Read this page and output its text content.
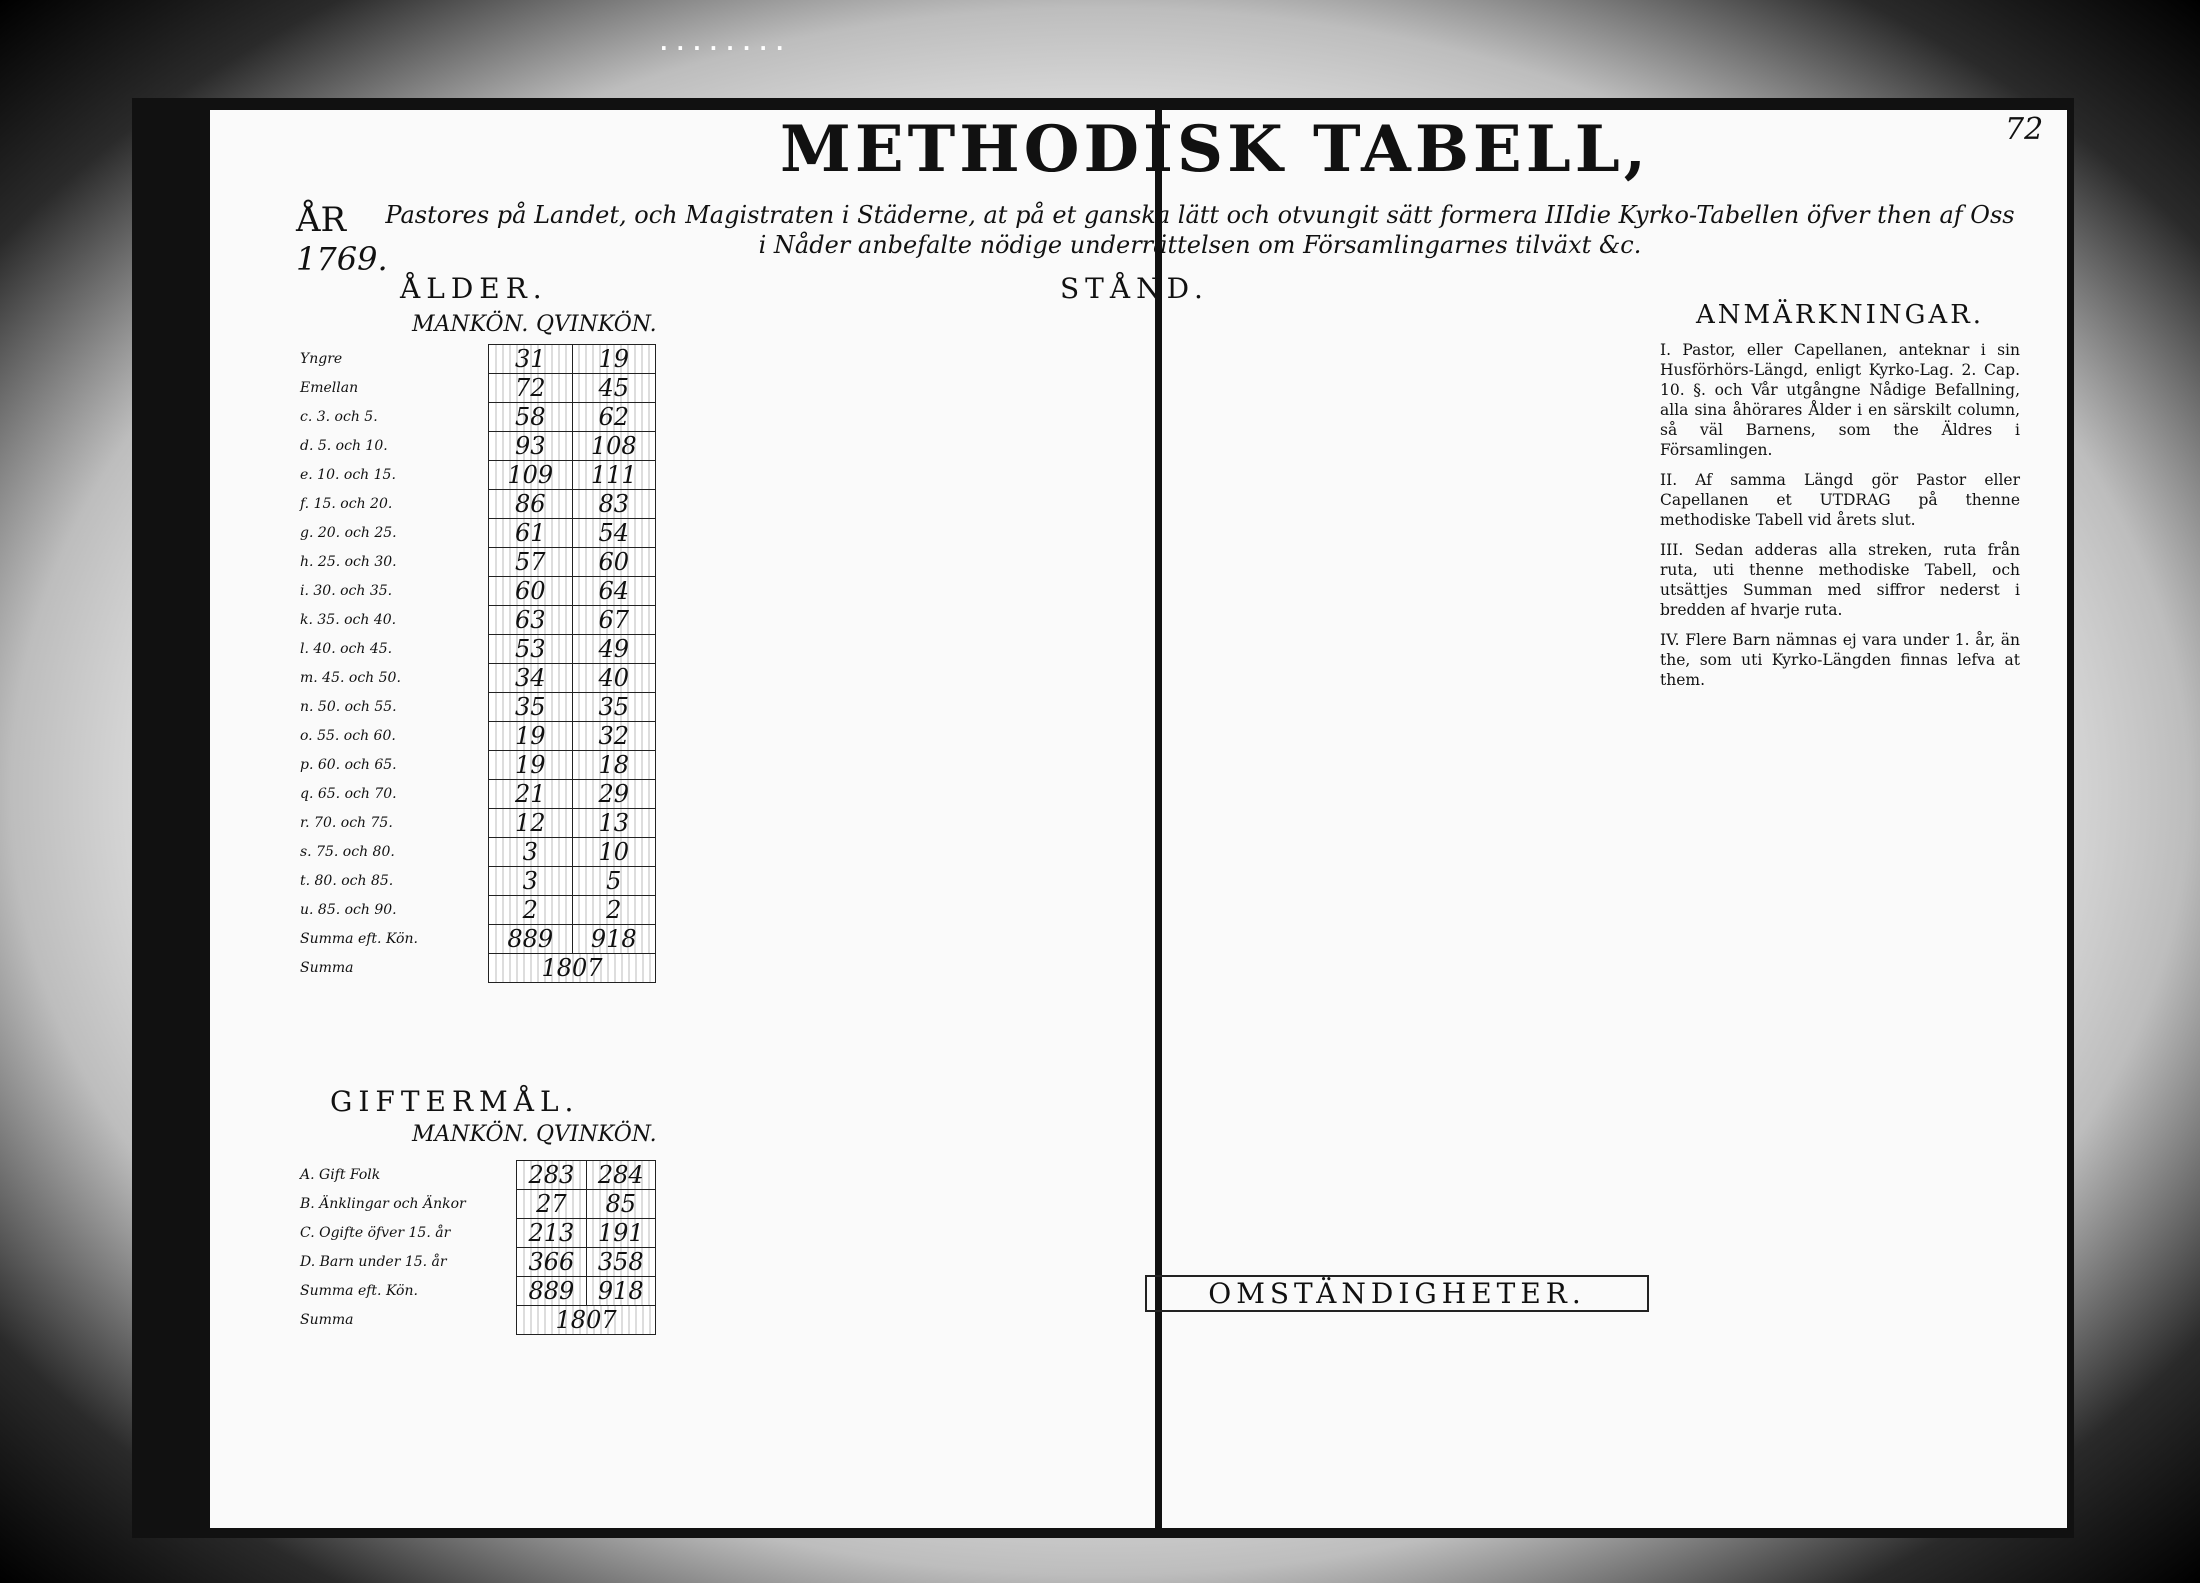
· · · · · · · ·
METHODISK TABELL,	72
ÅR
1769.
Pastores på Landet, och Magistraten i Städerne, at på et ganska lätt och otvungit sätt formera IIIdie Kyrko-Tabellen öfver then af Oss i Nåder anbefalte nödige underrättelsen om Församlingarnes tilväxt &c.
ÅLDER.	STÅND.
MANKÖN. QVINKÖN.
Yngre	31	19
Emellan	72	45
c. 3. och 5.	58	62
d. 5. och 10.	93	108
e. 10. och 15.	109	111
f. 15. och 20.	86	83
g. 20. och 25.	61	54
h. 25. och 30.	57	60
i. 30. och 35.	60	64
k. 35. och 40.	63	67
l. 40. och 45.	53	49
m. 45. och 50.	34	40
n. 50. och 55.	35	35
o. 55. och 60.	19	32
p. 60. och 65.	19	18
q. 65. och 70.	21	29
r. 70. och 75.	12	13
s. 75. och 80.	3	10
t. 80. och 85.	3	5
u. 85. och 90.	2	2
Summa eft. Kön.	889	918
Summa	1807	
GIFTERMÅL.
MANKÖN. QVINKÖN.
A. Gift Folk	283	284
B. Änklingar och Änkor	27	85
C. Ogifte öfver 15. år	213	191
D. Barn under 15. år	366	358
Summa eft. Kön.	889	918
Summa	1807	
OMSTÄNDIGHETER.
ANMÄRKNINGAR.

I. Pastor, eller Capellanen, anteknar i sin Husförhörs-Längd, enligt Kyrko-Lag. 2. Cap. 10. §. och Vår utgångne Nådige Befallning, alla sina åhörares Ålder i en särskilt column, så väl Barnens, som the Äldres i Församlingen.

II. Af samma Längd gör Pastor eller Capellanen et UTDRAG på thenne methodiske Tabell vid årets slut.

III. Sedan adderas alla streken, ruta från ruta, uti thenne methodiske Tabell, och utsättjes Summan med siffror nederst i bredden af hvarje ruta.

IV. Flere Barn nämnas ej vara under 1. år, än the, som uti Kyrko-Längden finnas lefva at them.
